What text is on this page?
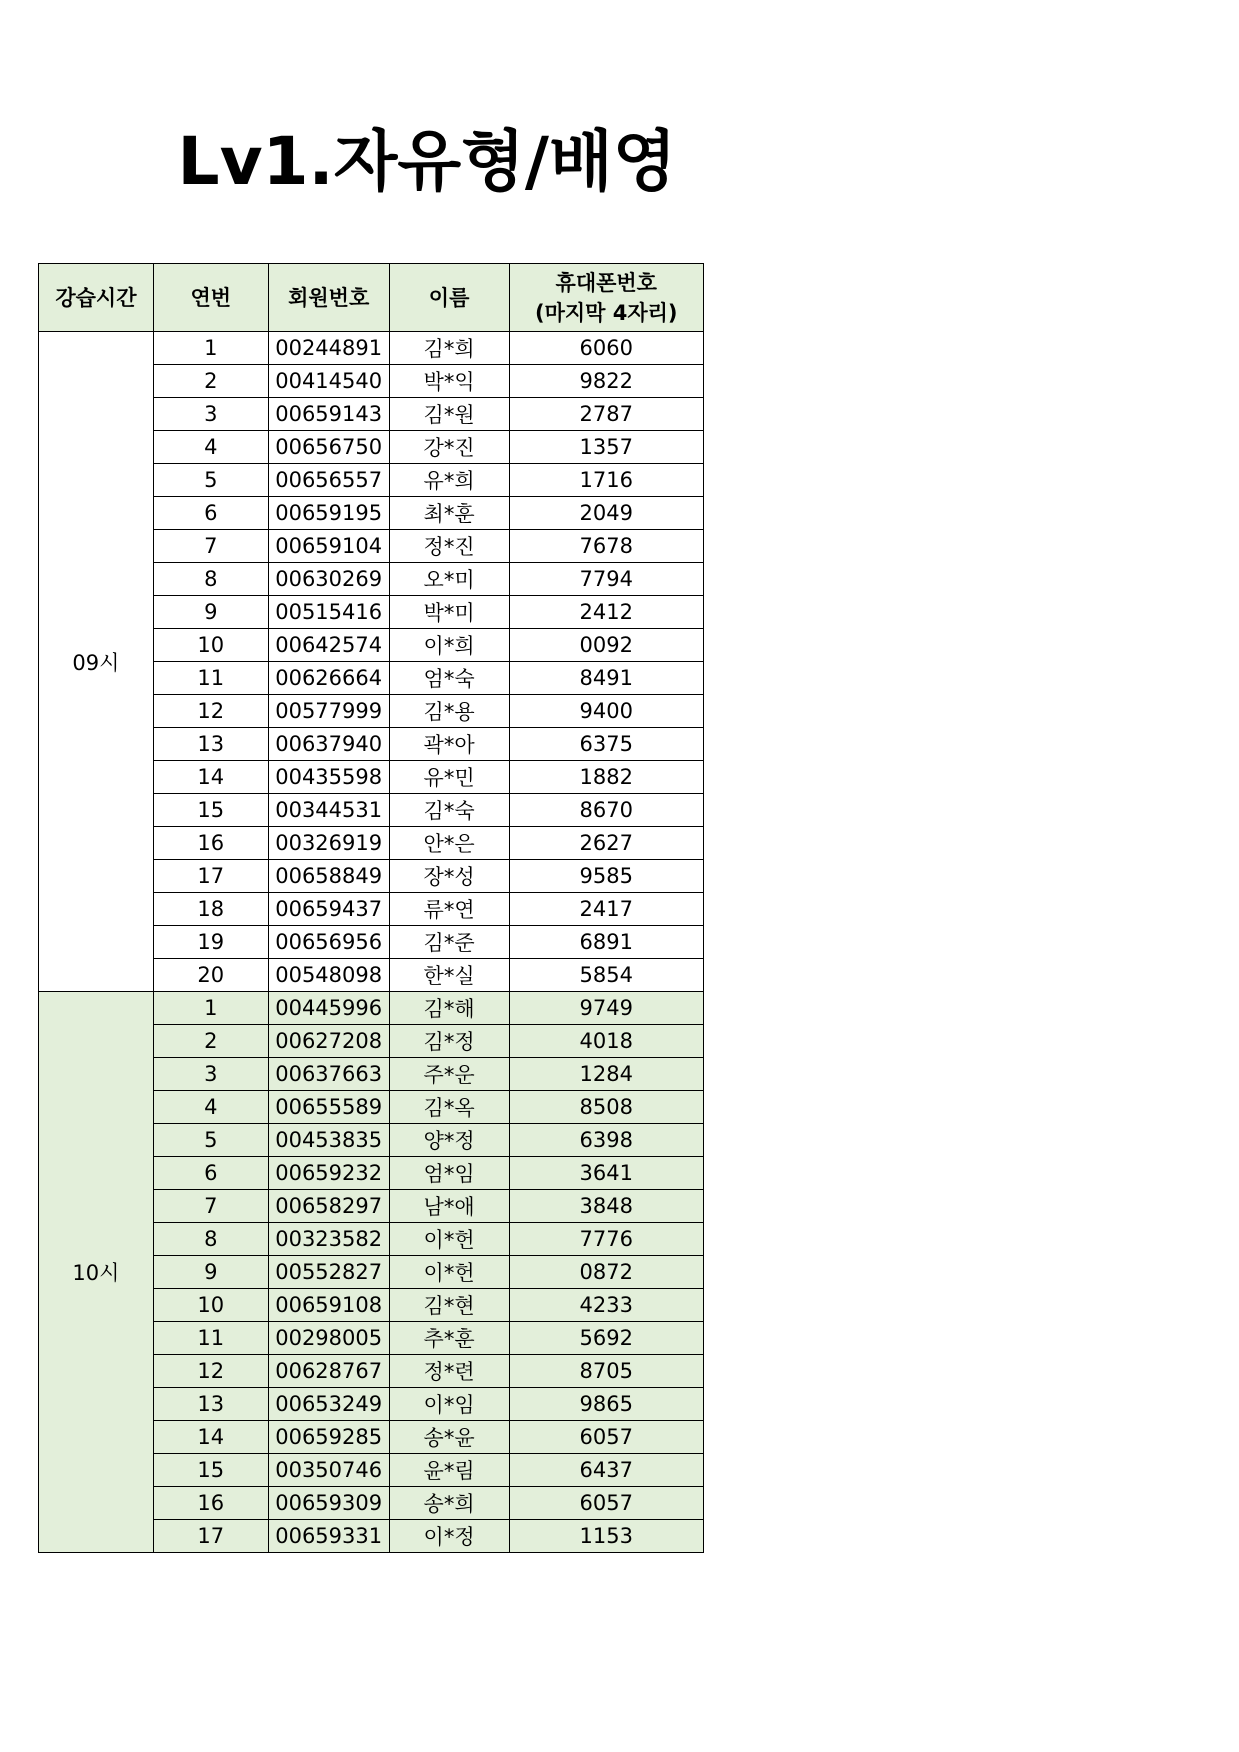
Lv1.자유형/배영
강습시간	연번	회원번호	이름	휴대폰번호
(마지막 4자리)
09시	1	00244891	김*희	6060
	2	00414540	박*익	9822
	3	00659143	김*원	2787
	4	00656750	강*진	1357
	5	00656557	유*희	1716
	6	00659195	최*훈	2049
	7	00659104	정*진	7678
	8	00630269	오*미	7794
	9	00515416	박*미	2412
	10	00642574	이*희	0092
	11	00626664	엄*숙	8491
	12	00577999	김*용	9400
	13	00637940	곽*아	6375
	14	00435598	유*민	1882
	15	00344531	김*숙	8670
	16	00326919	안*은	2627
	17	00658849	장*성	9585
	18	00659437	류*연	2417
	19	00656956	김*준	6891
	20	00548098	한*실	5854
10시	1	00445996	김*해	9749
	2	00627208	김*정	4018
	3	00637663	주*운	1284
	4	00655589	김*옥	8508
	5	00453835	양*정	6398
	6	00659232	엄*임	3641
	7	00658297	남*애	3848
	8	00323582	이*헌	7776
	9	00552827	이*헌	0872
	10	00659108	김*현	4233
	11	00298005	추*훈	5692
	12	00628767	정*련	8705
	13	00653249	이*임	9865
	14	00659285	송*윤	6057
	15	00350746	윤*림	6437
	16	00659309	송*희	6057
	17	00659331	이*정	1153
